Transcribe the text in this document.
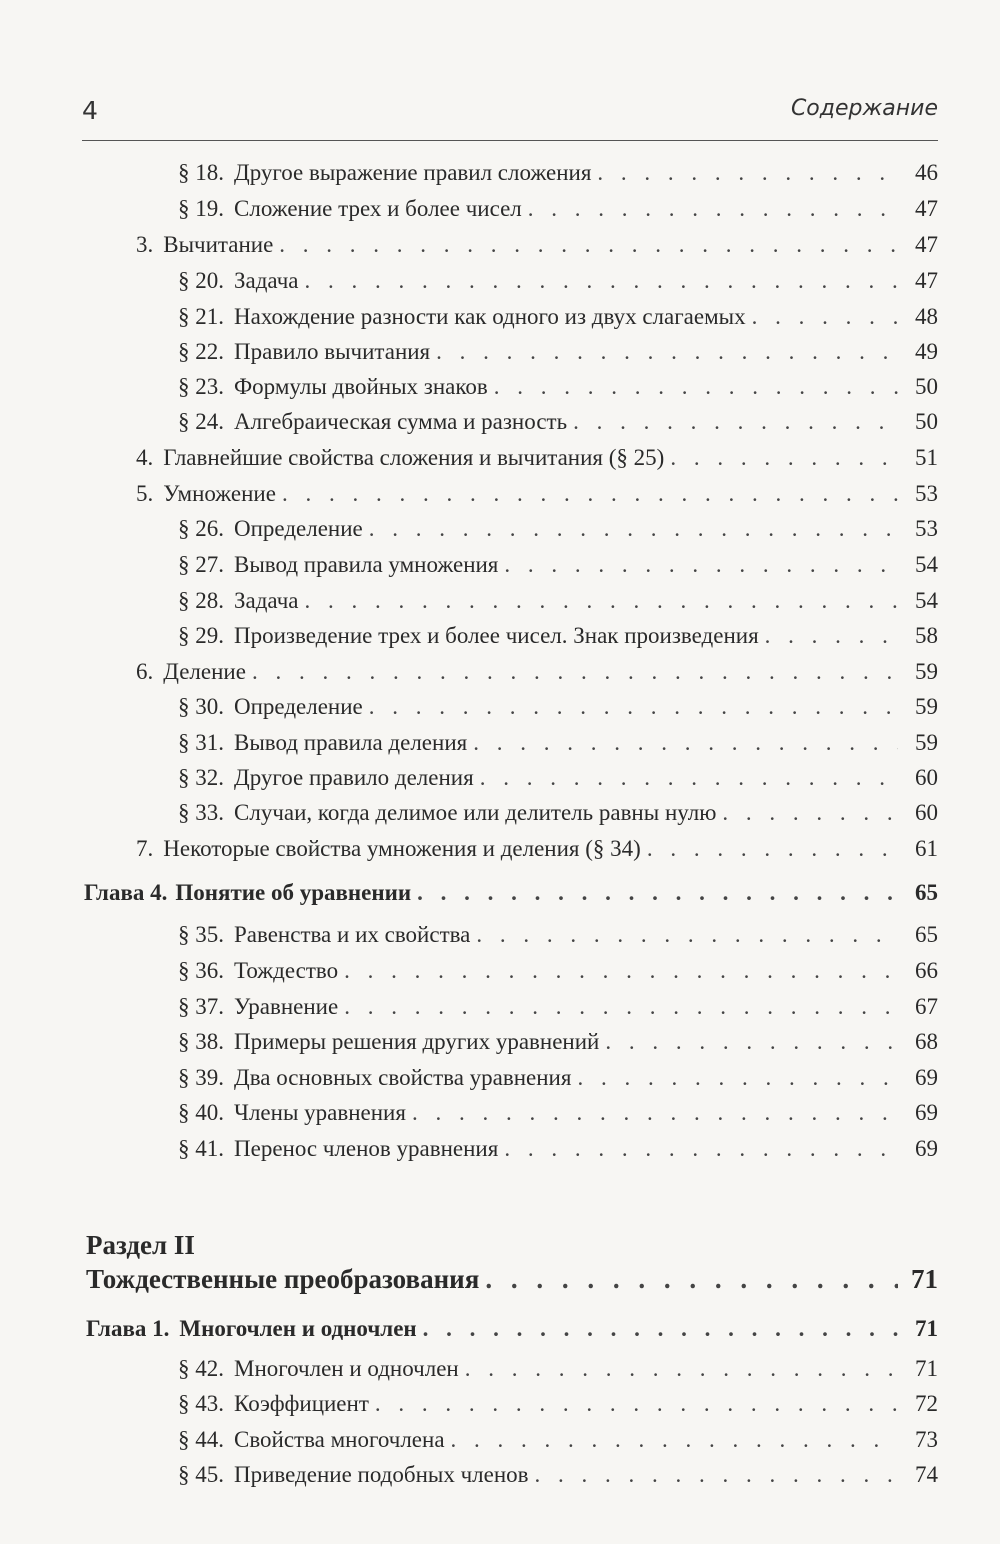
4	Содержание
§ 18. Другое выражение правил сложения . . .	46
§ 19. Сложение трех и более чисел . . .	47
3. Вычитание . . .	47
§ 20. Задача . . .	47
§ 21. Нахождение разности как одного из двух слагаемых . . .	48
§ 22. Правило вычитания . . .	49
§ 23. Формулы двойных знаков . . .	50
§ 24. Алгебраическая сумма и разность . . .	50
4. Главнейшие свойства сложения и вычитания (§ 25) . . .	51
5. Умножение . . .	53
§ 26. Определение . . .	53
§ 27. Вывод правила умножения . . .	54
§ 28. Задача . . .	54
§ 29. Произведение трех и более чисел. Знак произведения . . .	58
6. Деление . . .	59
§ 30. Определение . . .	59
§ 31. Вывод правила деления . . .	59
§ 32. Другое правило деления . . .	60
§ 33. Случаи, когда делимое или делитель равны нулю . . .	60
7. Некоторые свойства умножения и деления (§ 34) . . .	61
Глава 4. Понятие об уравнении . . .	65
§ 35. Равенства и их свойства . . .	65
§ 36. Тождество . . .	66
§ 37. Уравнение . . .	67
§ 38. Примеры решения других уравнений . . .	68
§ 39. Два основных свойства уравнения . . .	69
§ 40. Члены уравнения . . .	69
§ 41. Перенос членов уравнения . . .	69
Тождественные преобразования . . .	71
Глава 1. Многочлен и одночлен . . .	71
§ 42. Многочлен и одночлен . . .	71
§ 43. Коэффициент . . .	72
§ 44. Свойства многочлена . . .	73
§ 45. Приведение подобных членов . . .	74
Раздел II
